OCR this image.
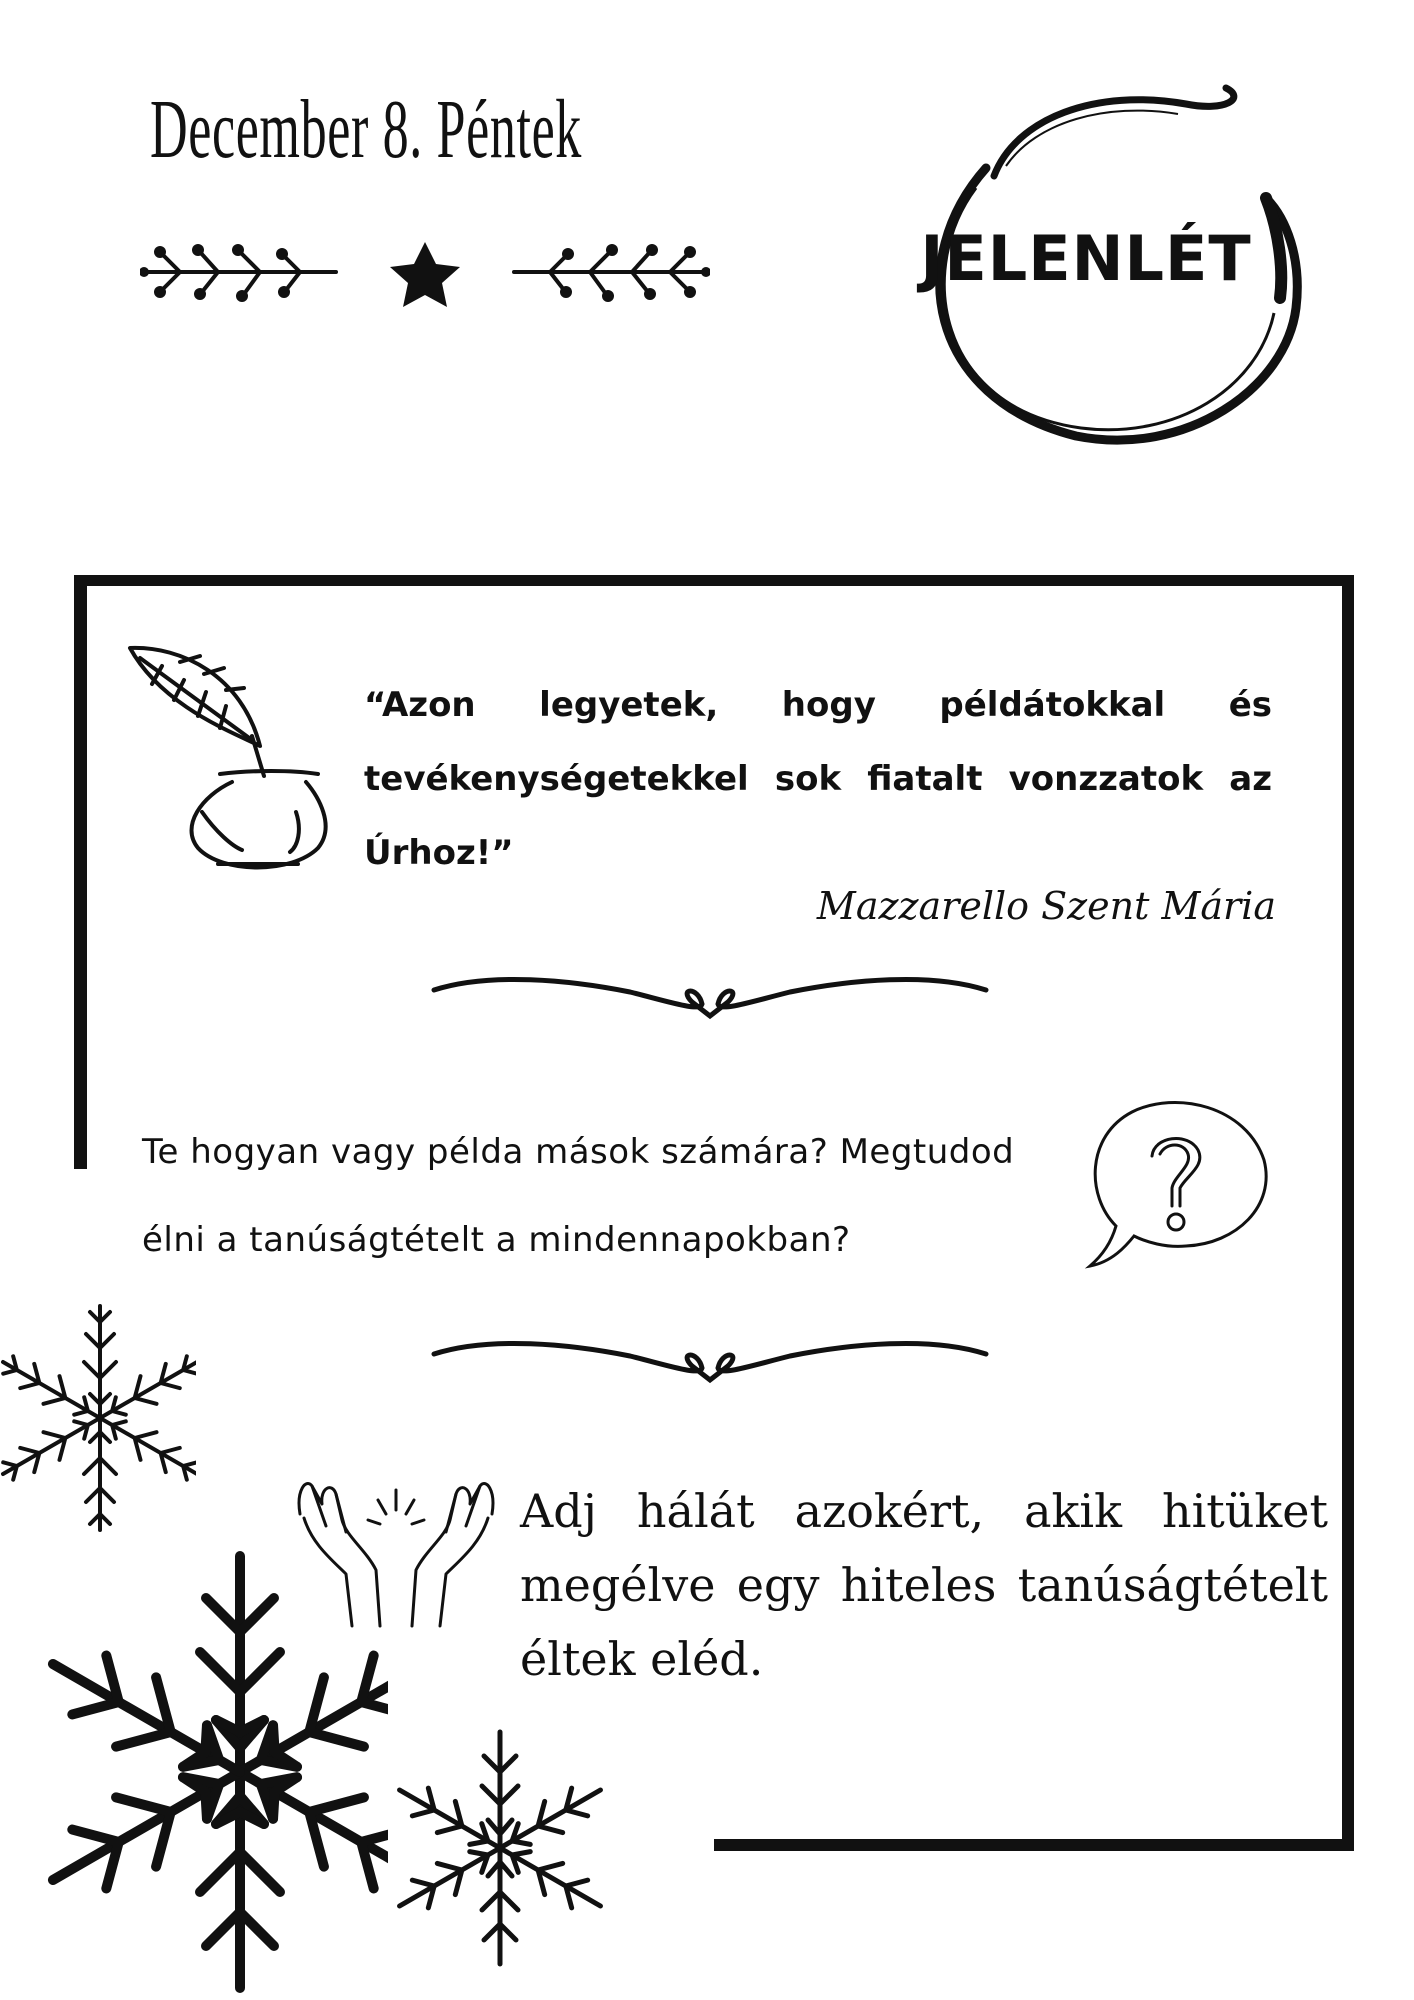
December 8. Péntek
JELENLÉT
“Azon legyetek, hogy példátokkal és tevékenységetekkel sok fiatalt vonzzatok az Úrhoz!”
Mazzarello Szent Mária
Te hogyan vagy példa mások számára? Megtudod élni a tanúságtételt a mindennapokban?
Adj hálát azokért, akik hitüket megélve egy hiteles tanúságtételt éltek eléd.
